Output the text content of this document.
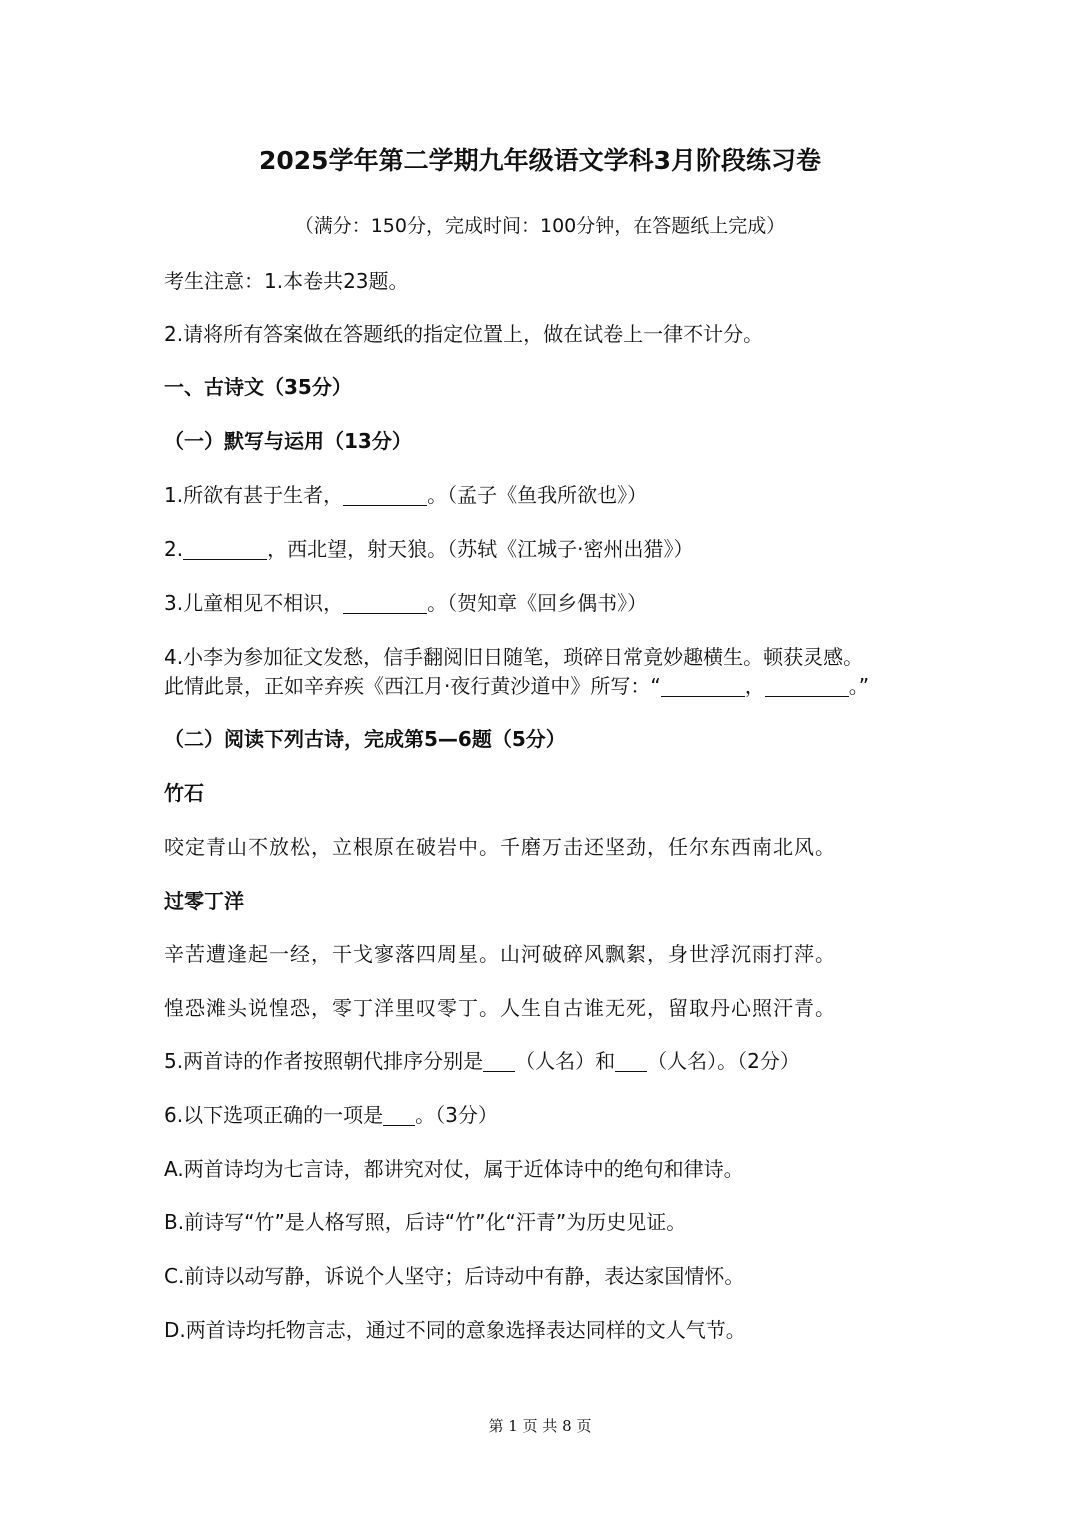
2025学年第二学期九年级语文学科3月阶段练习卷
（满分：150分，完成时间：100分钟，在答题纸上完成）
考生注意：1.本卷共23题。
2.请将所有答案做在答题纸的指定位置上，做在试卷上一律不计分。
一、古诗文（35分）
（一）默写与运用（13分）
1.所欲有甚于生者，	。（孟子《鱼我所欲也》）
2.	，西北望，射天狼。（苏轼《江城子·密州出猎》）
3.儿童相见不相识，	。（贺知章《回乡偶书》）
4.小李为参加征文发愁，信手翻阅旧日随笔，琐碎日常竟妙趣横生。顿获灵感。
此情此景，正如辛弃疾《西江月·夜行黄沙道中》所写：“	，	。”
（二）阅读下列古诗，完成第5—6题（5分）
竹石
咬定青山不放松，立根原在破岩中。千磨万击还坚劲，任尔东西南北风。
过零丁洋
辛苦遭逢起一经，干戈寥落四周星。山河破碎风飘絮，身世浮沉雨打萍。
惶恐滩头说惶恐，零丁洋里叹零丁。人生自古谁无死，留取丹心照汗青。
5.两首诗的作者按照朝代排序分别是 （人名）和 （人名）。（2分）
6.以下选项正确的一项是 。（3分）
A.两首诗均为七言诗，都讲究对仗，属于近体诗中的绝句和律诗。
B.前诗写“竹”是人格写照，后诗“竹”化“汗青”为历史见证。
C.前诗以动写静，诉说个人坚守；后诗动中有静，表达家国情怀。
D.两首诗均托物言志，通过不同的意象选择表达同样的文人气节。
第 1 页 共 8 页
